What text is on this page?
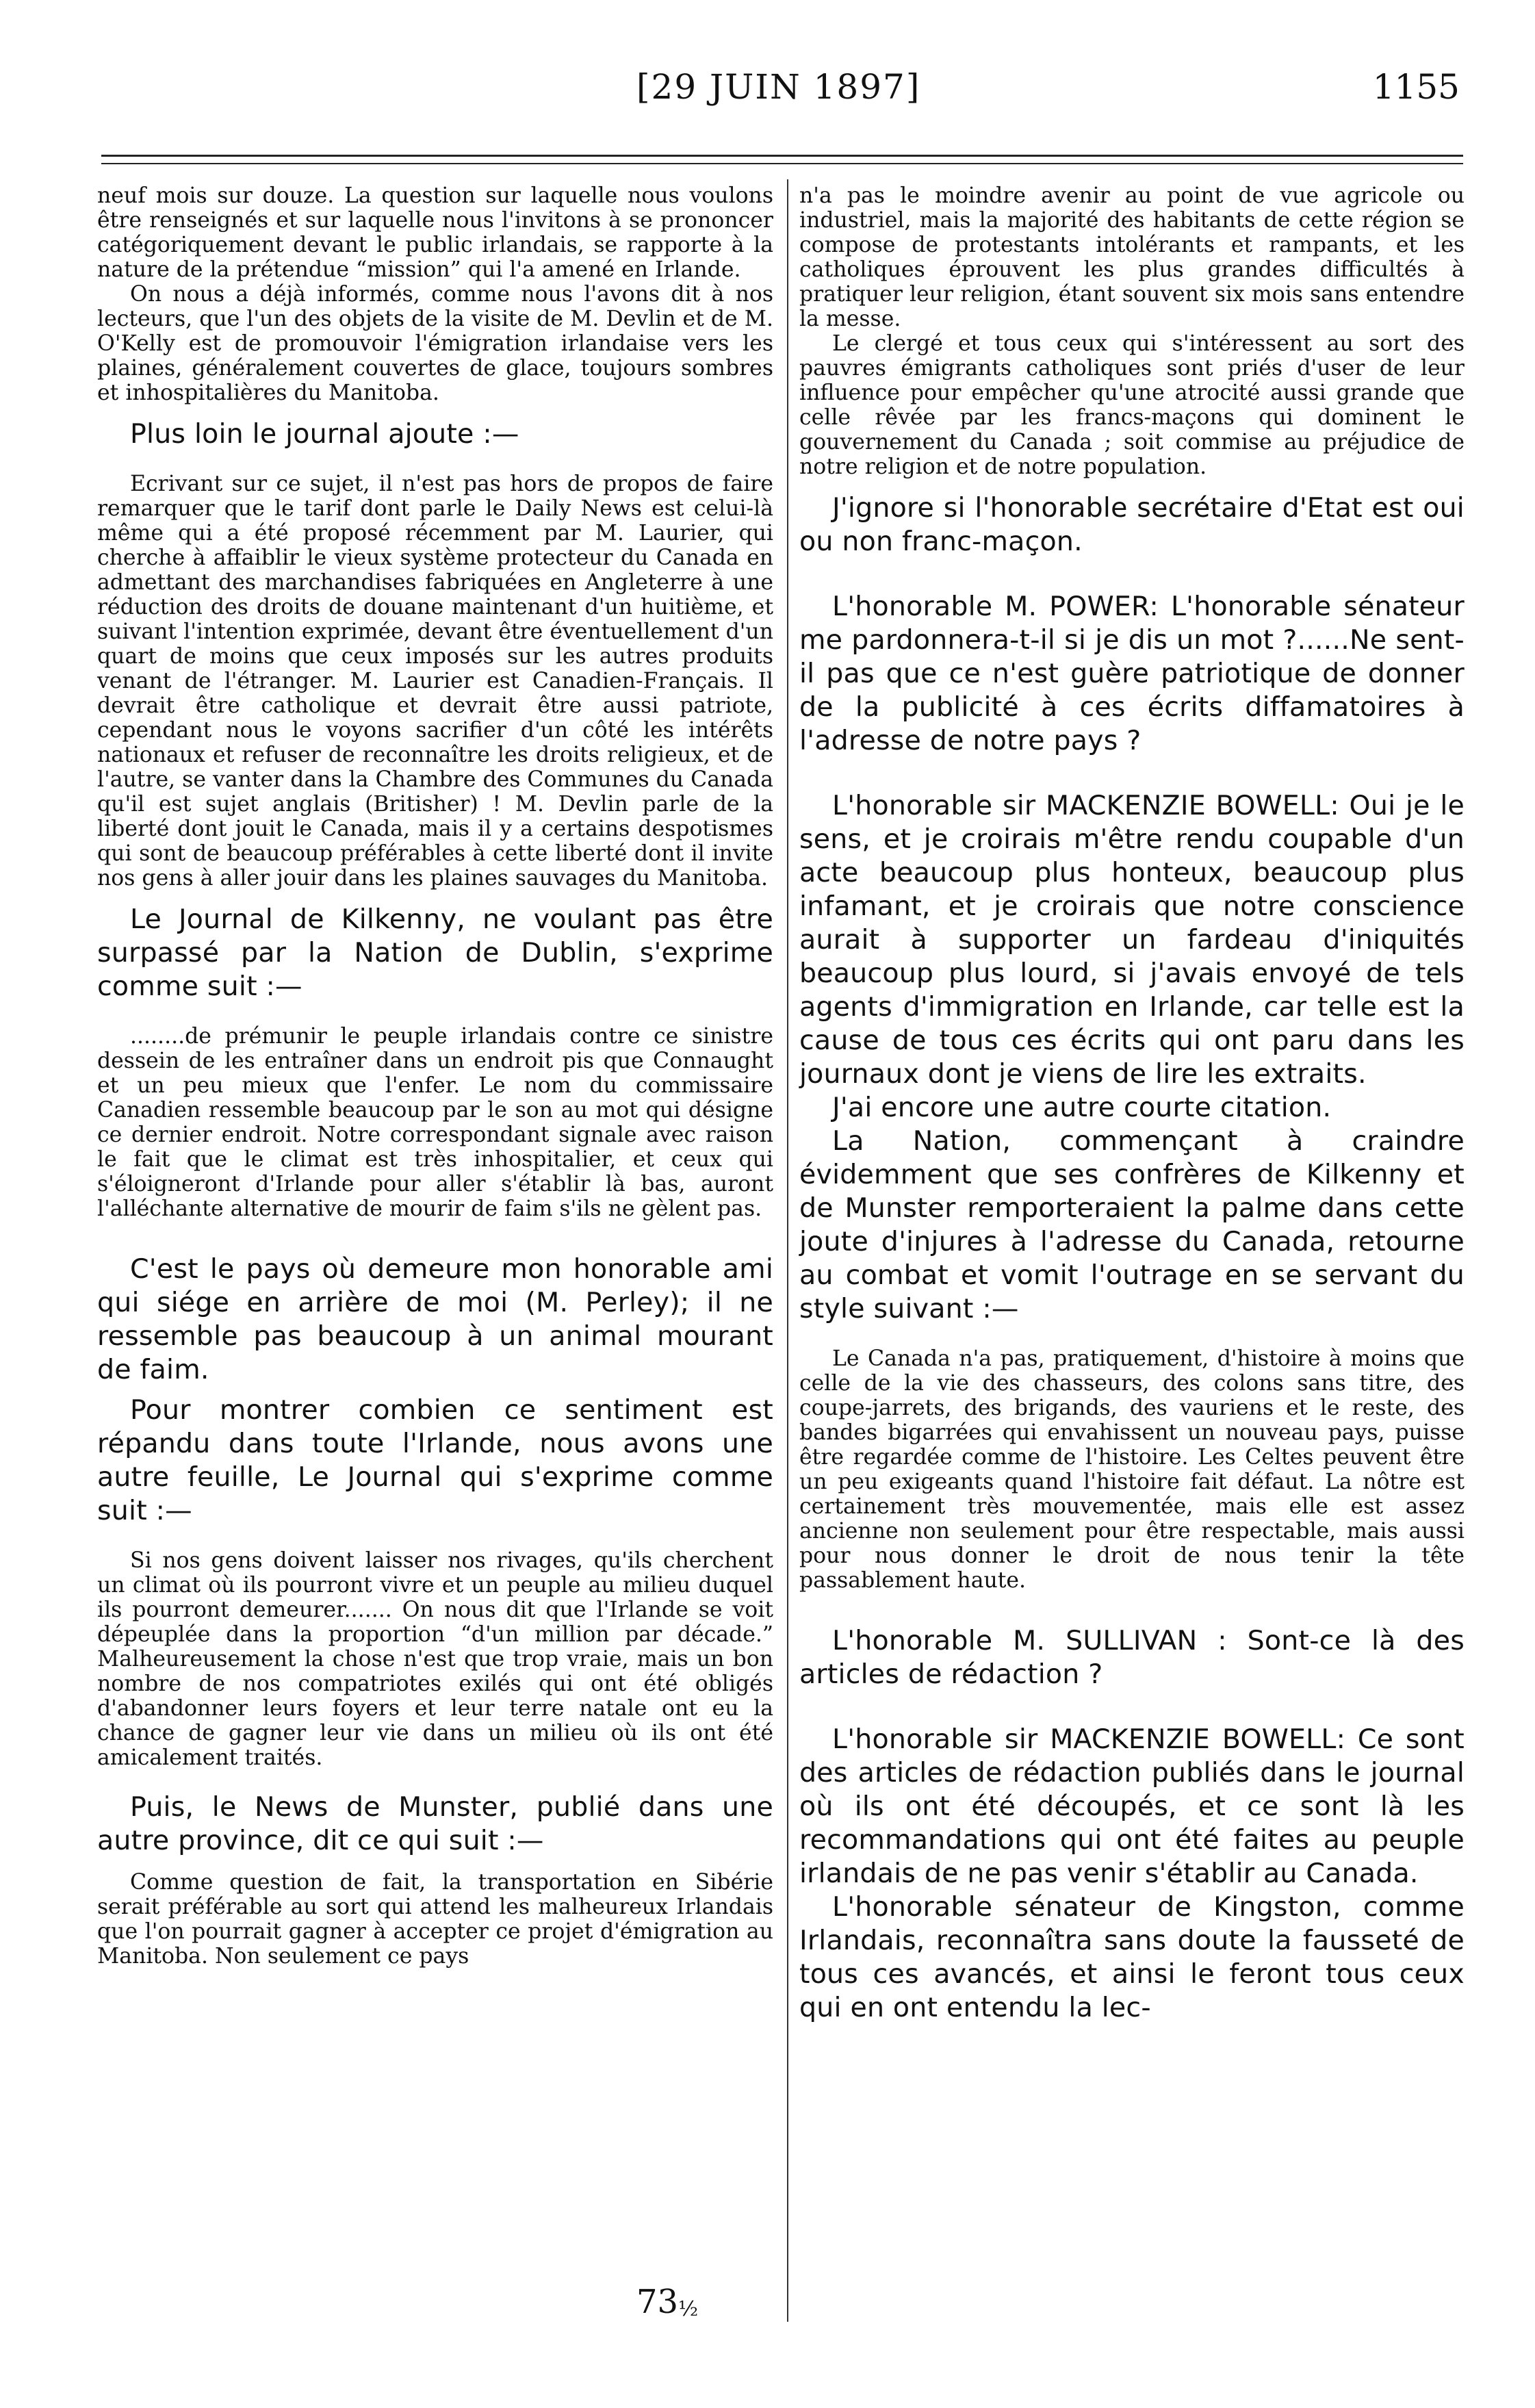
[29 JUIN 1897]	1155

neuf mois sur douze. La question sur laquelle nous voulons être renseignés et sur laquelle nous l'invitons à se prononcer catégoriquement devant le public irlandais, se rapporte à la nature de la prétendue “mission” qui l'a amené en Irlande.

On nous a déjà informés, comme nous l'avons dit à nos lecteurs, que l'un des objets de la visite de M. Devlin et de M. O'Kelly est de promouvoir l'émigration irlandaise vers les plaines, généralement couvertes de glace, toujours sombres et inhospitalières du Manitoba.

Plus loin le journal ajoute :—

Ecrivant sur ce sujet, il n'est pas hors de propos de faire remarquer que le tarif dont parle le Daily News est celui-là même qui a été proposé récemment par M. Laurier, qui cherche à affaiblir le vieux système protecteur du Canada en admettant des marchandises fabriquées en Angleterre à une réduction des droits de douane maintenant d'un huitième, et suivant l'intention exprimée, devant être éventuellement d'un quart de moins que ceux imposés sur les autres produits venant de l'étranger. M. Laurier est Canadien-Français. Il devrait être catholique et devrait être aussi patriote, cependant nous le voyons sacrifier d'un côté les intérêts nationaux et refuser de reconnaître les droits religieux, et de l'autre, se vanter dans la Chambre des Communes du Canada qu'il est sujet anglais (Britisher) ! M. Devlin parle de la liberté dont jouit le Canada, mais il y a certains despotismes qui sont de beaucoup préférables à cette liberté dont il invite nos gens à aller jouir dans les plaines sauvages du Manitoba.

Le Journal de Kilkenny, ne voulant pas être surpassé par la Nation de Dublin, s'exprime comme suit :—

........de prémunir le peuple irlandais contre ce sinistre dessein de les entraîner dans un endroit pis que Connaught et un peu mieux que l'enfer. Le nom du commissaire Canadien ressemble beaucoup par le son au mot qui désigne ce dernier endroit. Notre correspondant signale avec raison le fait que le climat est très inhospitalier, et ceux qui s'éloigneront d'Irlande pour aller s'établir là bas, auront l'alléchante alternative de mourir de faim s'ils ne gèlent pas.

C'est le pays où demeure mon honorable ami qui siége en arrière de moi (M. Perley); il ne ressemble pas beaucoup à un animal mourant de faim.

Pour montrer combien ce sentiment est répandu dans toute l'Irlande, nous avons une autre feuille, Le Journal qui s'exprime comme suit :—

Si nos gens doivent laisser nos rivages, qu'ils cherchent un climat où ils pourront vivre et un peuple au milieu duquel ils pourront demeurer....... On nous dit que l'Irlande se voit dépeuplée dans la proportion “d'un million par décade.” Malheureusement la chose n'est que trop vraie, mais un bon nombre de nos compatriotes exilés qui ont été obligés d'abandonner leurs foyers et leur terre natale ont eu la chance de gagner leur vie dans un milieu où ils ont été amicalement traités.

Puis, le News de Munster, publié dans une autre province, dit ce qui suit :—

Comme question de fait, la transportation en Sibérie serait préférable au sort qui attend les malheureux Irlandais que l'on pourrait gagner à accepter ce projet d'émigration au Manitoba. Non seulement ce pays

n'a pas le moindre avenir au point de vue agricole ou industriel, mais la majorité des habitants de cette région se compose de protestants intolérants et rampants, et les catholiques éprouvent les plus grandes difficultés à pratiquer leur religion, étant souvent six mois sans entendre la messe.

Le clergé et tous ceux qui s'intéressent au sort des pauvres émigrants catholiques sont priés d'user de leur influence pour empêcher qu'une atrocité aussi grande que celle rêvée par les francs-maçons qui dominent le gouvernement du Canada ; soit commise au préjudice de notre religion et de notre population.

J'ignore si l'honorable secrétaire d'Etat est oui ou non franc-maçon.

L'honorable M. POWER: L'honorable sénateur me pardonnera-t-il si je dis un mot ?......Ne sent-il pas que ce n'est guère patriotique de donner de la publicité à ces écrits diffamatoires à l'adresse de notre pays ?

L'honorable sir MACKENZIE BOWELL: Oui je le sens, et je croirais m'être rendu coupable d'un acte beaucoup plus honteux, beaucoup plus infamant, et je croirais que notre conscience aurait à supporter un fardeau d'iniquités beaucoup plus lourd, si j'avais envoyé de tels agents d'immigration en Irlande, car telle est la cause de tous ces écrits qui ont paru dans les journaux dont je viens de lire les extraits.

J'ai encore une autre courte citation.

La Nation, commençant à craindre évidemment que ses confrères de Kilkenny et de Munster remporteraient la palme dans cette joute d'injures à l'adresse du Canada, retourne au combat et vomit l'outrage en se servant du style suivant :—

Le Canada n'a pas, pratiquement, d'histoire à moins que celle de la vie des chasseurs, des colons sans titre, des coupe-jarrets, des brigands, des vauriens et le reste, des bandes bigarrées qui envahissent un nouveau pays, puisse être regardée comme de l'histoire. Les Celtes peuvent être un peu exigeants quand l'histoire fait défaut. La nôtre est certainement très mouvementée, mais elle est assez ancienne non seulement pour être respectable, mais aussi pour nous donner le droit de nous tenir la tête passablement haute.

L'honorable M. SULLIVAN : Sont-ce là des articles de rédaction ?

L'honorable sir MACKENZIE BOWELL: Ce sont des articles de rédaction publiés dans le journal où ils ont été découpés, et ce sont là les recommandations qui ont été faites au peuple irlandais de ne pas venir s'établir au Canada.

L'honorable sénateur de Kingston, comme Irlandais, reconnaîtra sans doute la fausseté de tous ces avancés, et ainsi le feront tous ceux qui en ont entendu la lec-

73½
